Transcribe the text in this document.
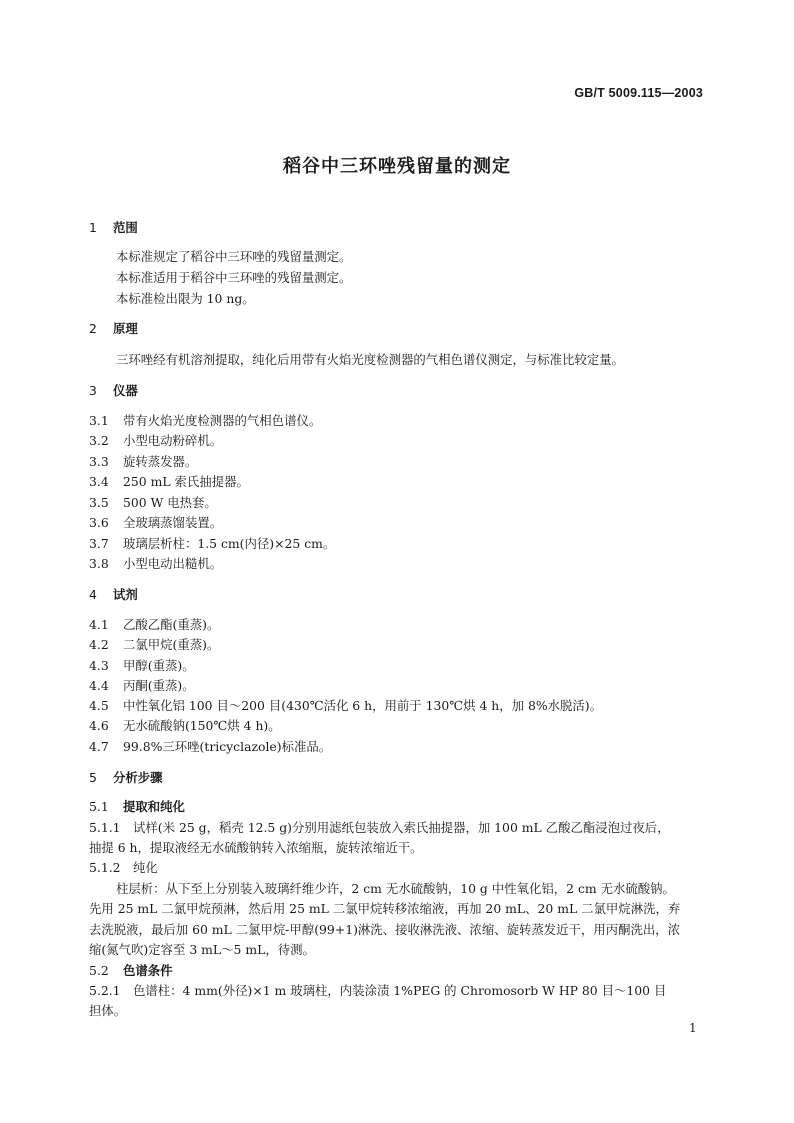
GB/T 5009.115—2003
稻谷中三环唑残留量的测定
1 范围
本标准规定了稻谷中三环唑的残留量测定。
本标准适用于稻谷中三环唑的残留量测定。
本标准检出限为 10 ng。
2 原理
三环唑经有机溶剂提取，纯化后用带有火焰光度检测器的气相色谱仪测定，与标准比较定量。
3 仪器
3.1 带有火焰光度检测器的气相色谱仪。
3.2 小型电动粉碎机。
3.3 旋转蒸发器。
3.4 250 mL 索氏抽提器。
3.5 500 W 电热套。
3.6 全玻璃蒸馏装置。
3.7 玻璃层析柱：1.5 cm(内径)×25 cm。
3.8 小型电动出糙机。
4 试剂
4.1 乙酸乙酯(重蒸)。
4.2 二氯甲烷(重蒸)。
4.3 甲醇(重蒸)。
4.4 丙酮(重蒸)。
4.5 中性氧化铝 100 目～200 目(430℃活化 6 h，用前于 130℃烘 4 h，加 8%水脱活)。
4.6 无水硫酸钠(150℃烘 4 h)。
4.7 99.8%三环唑(tricyclazole)标准品。
5 分析步骤
5.1 提取和纯化
5.1.1 试样(米 25 g，稻壳 12.5 g)分别用滤纸包装放入索氏抽提器，加 100 mL 乙酸乙酯浸泡过夜后，
抽提 6 h，提取液经无水硫酸钠转入浓缩瓶，旋转浓缩近干。
5.1.2 纯化
柱层析：从下至上分别装入玻璃纤维少许，2 cm 无水硫酸钠，10 g 中性氧化铝，2 cm 无水硫酸钠。
先用 25 mL 二氯甲烷预淋，然后用 25 mL 二氯甲烷转移浓缩液，再加 20 mL、20 mL 二氯甲烷淋洗，弃
去洗脱液，最后加 60 mL 二氯甲烷-甲醇(99+1)淋洗、接收淋洗液、浓缩、旋转蒸发近干，用丙酮洗出，浓
缩(氮气吹)定容至 3 mL～5 mL，待测。
5.2 色谱条件
5.2.1 色谱柱：4 mm(外径)×1 m 玻璃柱，内装涂渍 1%PEG 的 Chromosorb W HP 80 目～100 目
担体。
1
